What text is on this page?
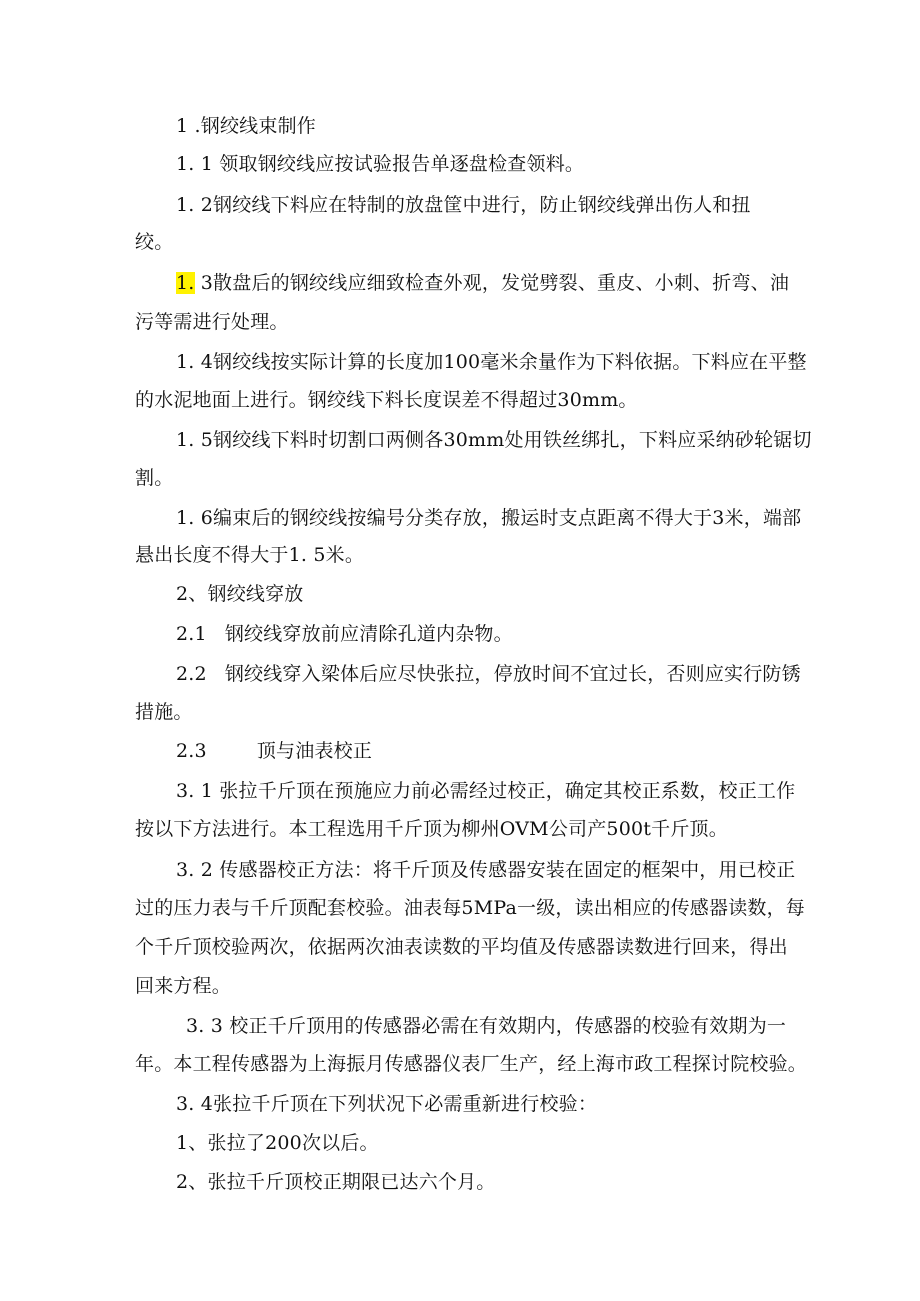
1 .钢绞线束制作
1. 1 领取钢绞线应按试验报告单逐盘检查领料。
1. 2钢绞线下料应在特制的放盘筐中进行，防止钢绞线弹出伤人和扭
绞。
1. 3散盘后的钢绞线应细致检查外观，发觉劈裂、重皮、小刺、折弯、油
污等需进行处理。
1. 4钢绞线按实际计算的长度加100毫米余量作为下料依据。下料应在平整
的水泥地面上进行。钢绞线下料长度误差不得超过30mm。
1. 5钢绞线下料时切割口两侧各30mm处用铁丝绑扎，下料应采纳砂轮锯切
割。
1. 6编束后的钢绞线按编号分类存放，搬运时支点距离不得大于3米，端部
悬出长度不得大于1. 5米。
2、钢绞线穿放
2.1 钢绞线穿放前应清除孔道内杂物。
2.2 钢绞线穿入梁体后应尽快张拉，停放时间不宜过长，否则应实行防锈
措施。
2.3	顶与油表校正
3. 1 张拉千斤顶在预施应力前必需经过校正，确定其校正系数，校正工作
按以下方法进行。本工程选用千斤顶为柳州OVM公司产500t千斤顶。
3. 2 传感器校正方法：将千斤顶及传感器安装在固定的框架中，用已校正
过的压力表与千斤顶配套校验。油表每5MPa一级，读出相应的传感器读数，每
个千斤顶校验两次，依据两次油表读数的平均值及传感器读数进行回来，得出
回来方程。
3. 3 校正千斤顶用的传感器必需在有效期内，传感器的校验有效期为一
年。本工程传感器为上海振月传感器仪表厂生产，经上海市政工程探讨院校验。
3. 4张拉千斤顶在下列状况下必需重新进行校验：
1、张拉了200次以后。
2、张拉千斤顶校正期限已达六个月。
